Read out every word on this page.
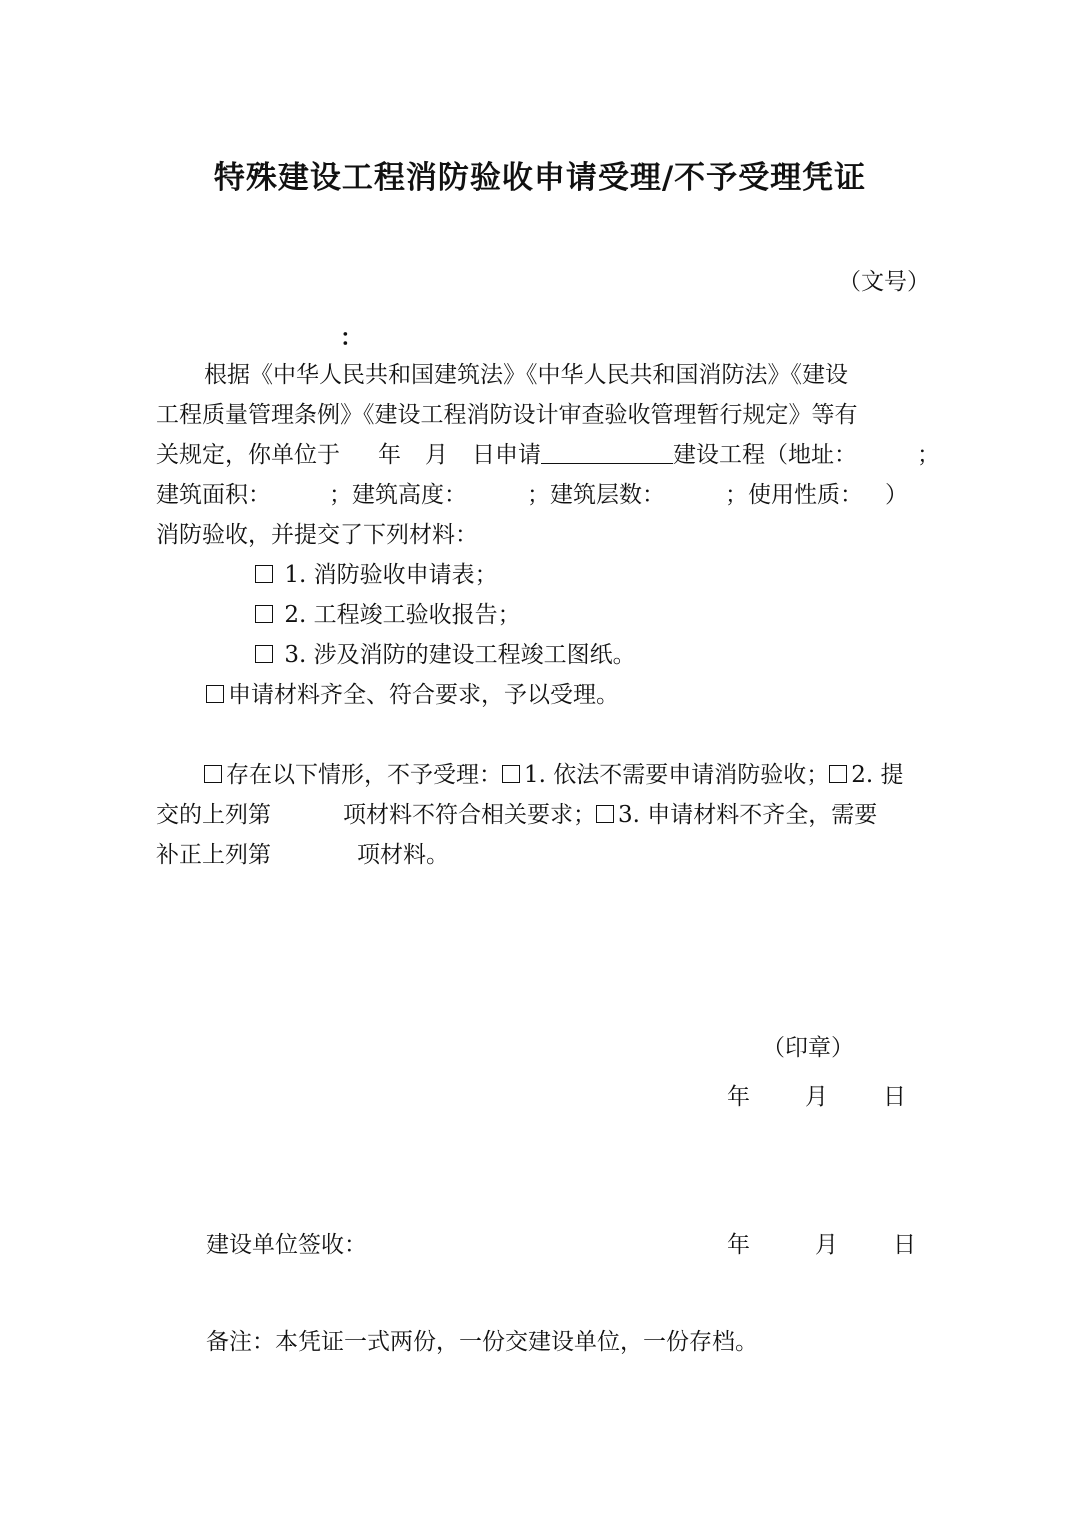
特殊建设工程消防验收申请受理/不予受理凭证
（文号）
：
根据《中华人民共和国建筑法》《中华人民共和国消防法》《建设
工程质量管理条例》《建设工程消防设计审查验收管理暂行规定》等有
关规定，你单位于 年 月 日申请	建设工程（地址：	；
建筑面积：	；建筑高度：	；建筑层数：	；使用性质： ）
消防验收，并提交了下列材料：
1. 消防验收申请表；
2. 工程竣工验收报告；
3. 涉及消防的建设工程竣工图纸。
申请材料齐全、符合要求，予以受理。
存在以下情形，不予受理： 1. 依法不需要申请消防验收； 2. 提
交的上列第	项材料不符合相关要求； 3. 申请材料不齐全，需要
补正上列第	项材料。
（印章）
年 月 日
建设单位签收：	年	月 日
备注：本凭证一式两份，一份交建设单位，一份存档。
